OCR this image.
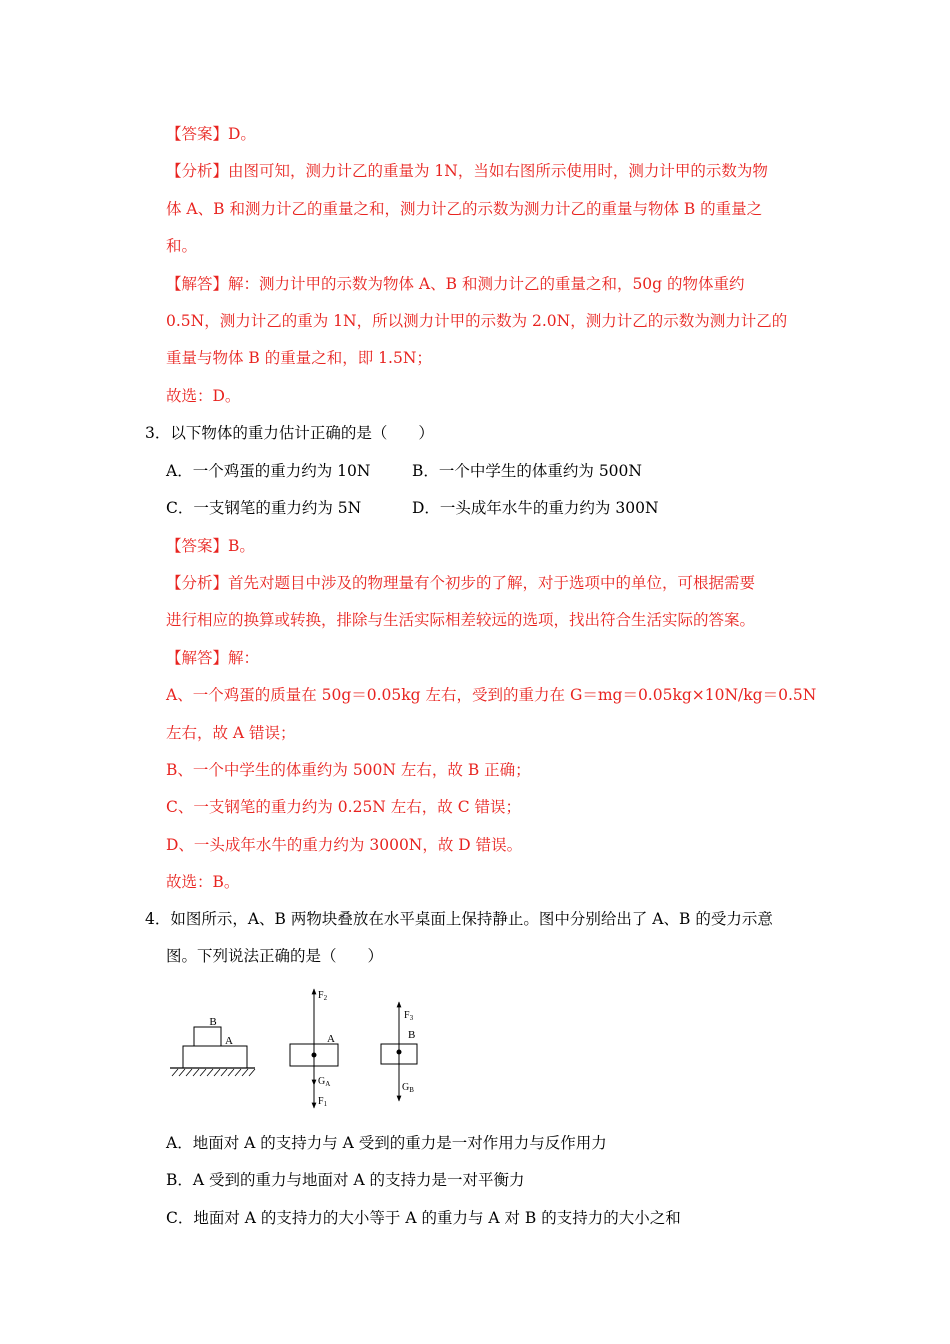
【答案】D。
【分析】由图可知，测力计乙的重量为 1N，当如右图所示使用时，测力计甲的示数为物
体 A、B 和测力计乙的重量之和，测力计乙的示数为测力计乙的重量与物体 B 的重量之
和。
【解答】解：测力计甲的示数为物体 A、B 和测力计乙的重量之和，50g 的物体重约
0.5N，测力计乙的重为 1N，所以测力计甲的示数为 2.0N，测力计乙的示数为测力计乙的
重量与物体 B 的重量之和，即 1.5N；
故选：D。
3．以下物体的重力估计正确的是（　　）
A．一个鸡蛋的重力约为 10N	B．一个中学生的体重约为 500N
C．一支钢笔的重力约为 5N	D．一头成年水牛的重力约为 300N
【答案】B。
【分析】首先对题目中涉及的物理量有个初步的了解，对于选项中的单位，可根据需要
进行相应的换算或转换，排除与生活实际相差较远的选项，找出符合生活实际的答案。
【解答】解：
A、一个鸡蛋的质量在 50g＝0.05kg 左右，受到的重力在 G＝mg＝0.05kg×10N/kg＝0.5N
左右，故 A 错误；
B、一个中学生的体重约为 500N 左右，故 B 正确；
C、一支钢笔的重力约为 0.25N 左右，故 C 错误；
D、一头成年水牛的重力约为 3000N，故 D 错误。
故选：B。
4．如图所示，A、B 两物块叠放在水平桌面上保持静止。图中分别给出了 A、B 的受力示意
图。下列说法正确的是（　　）
B
A
$F_2$
A
$G_A$
$F_1$
$F_3$
B
$G_B$
A．地面对 A 的支持力与 A 受到的重力是一对作用力与反作用力
B．A 受到的重力与地面对 A 的支持力是一对平衡力
C．地面对 A 的支持力的大小等于 A 的重力与 A 对 B 的支持力的大小之和
